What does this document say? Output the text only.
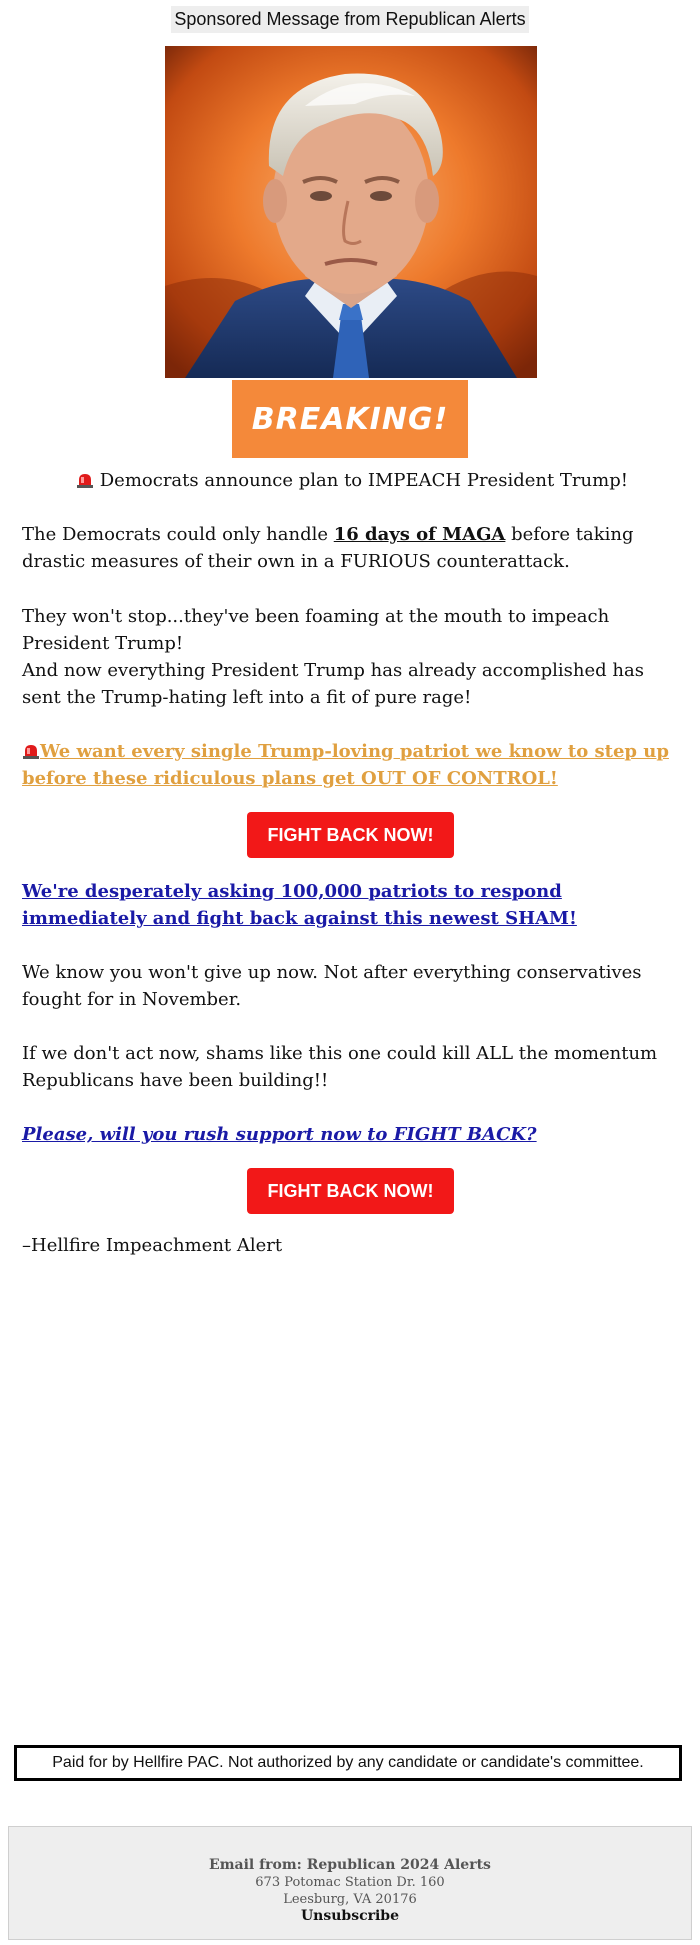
Sponsored Message from Republican Alerts
BREAKING!
Democrats announce plan to IMPEACH President Trump!
The Democrats could only handle 16 days of MAGA before taking drastic measures of their own in a FURIOUS counterattack.
They won't stop...they've been foaming at the mouth to impeach President Trump!
And now everything President Trump has already accomplished has sent the Trump-hating left into a fit of pure rage!
We want every single Trump-loving patriot we know to step up before these ridiculous plans get OUT OF CONTROL!
FIGHT BACK NOW!
We're desperately asking 100,000 patriots to respond immediately and fight back against this newest SHAM!
We know you won't give up now. Not after everything conservatives fought for in November.
If we don't act now, shams like this one could kill ALL the momentum Republicans have been building!!
Please, will you rush support now to FIGHT BACK?
FIGHT BACK NOW!
–Hellfire Impeachment Alert
Paid for by Hellfire PAC. Not authorized by any candidate or candidate's committee.
Email from: Republican 2024 Alerts
673 Potomac Station Dr. 160
Leesburg, VA 20176
Unsubscribe
